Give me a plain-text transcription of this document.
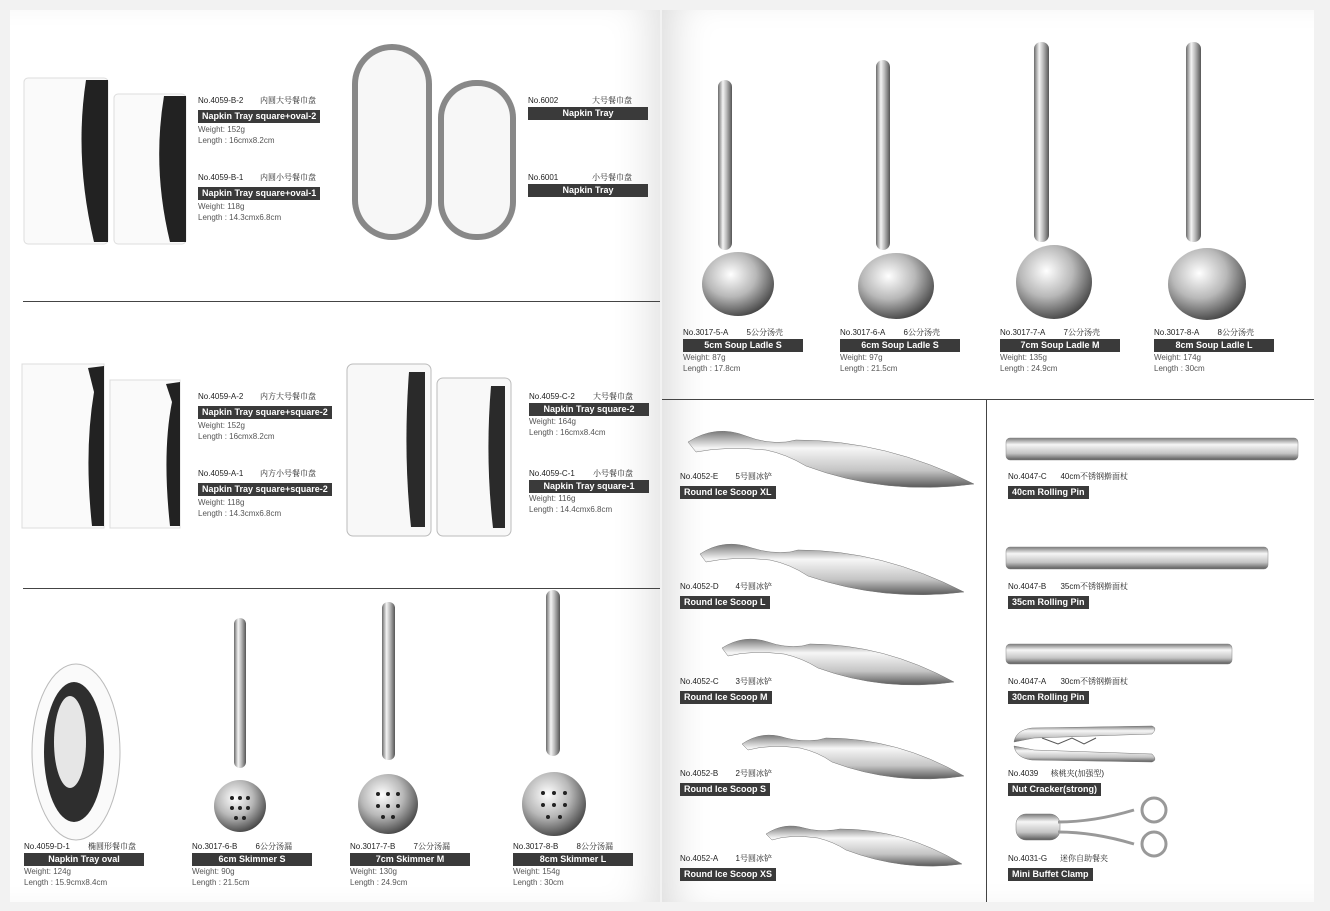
No.4059-B-2 内圆大号餐巾盘
Napkin Tray square+oval-2
Weight: 152g
Length : 16cmx8.2cm
No.4059-B-1 内圆小号餐巾盘
Napkin Tray square+oval-1
Weight: 118g
Length : 14.3cmx6.8cm
No.6002	大号餐巾盘
Napkin Tray
No.6001	小号餐巾盘
Napkin Tray
No.4059-A-2 内方大号餐巾盘
Napkin Tray square+square-2
Weight: 152g
Length : 16cmx8.2cm
No.4059-A-1 内方小号餐巾盘
Napkin Tray square+square-2
Weight: 118g
Length : 14.3cmx6.8cm
No.4059-C-2 大号餐巾盘
Napkin Tray square-2
Weight: 164g
Length : 16cmx8.4cm
No.4059-C-1 小号餐巾盘
Napkin Tray square-1
Weight: 116g
Length : 14.4cmx6.8cm
No.4059-D-1 椭圆形餐巾盘
Napkin Tray oval
Weight: 124g
Length : 15.9cmx8.4cm
No.3017-6-B 6公分汤漏
6cm Skimmer S
Weight: 90g
Length : 21.5cm
No.3017-7-B 7公分汤漏
7cm Skimmer M
Weight: 130g
Length : 24.9cm
No.3017-8-B 8公分汤漏
8cm Skimmer L
Weight: 154g
Length : 30cm
No.3017-5-A 5公分汤壳
5cm Soup Ladle S
Weight: 87g
Length : 17.8cm
No.3017-6-A 6公分汤壳
6cm Soup Ladle S
Weight: 97g
Length : 21.5cm
No.3017-7-A 7公分汤壳
7cm Soup Ladle M
Weight: 135g
Length : 24.9cm
No.3017-8-A 8公分汤壳
8cm Soup Ladle L
Weight: 174g
Length : 30cm
No.4052-E 5号圆冰铲
Round Ice Scoop XL
No.4052-D 4号圆冰铲
Round Ice Scoop L
No.4052-C 3号圆冰铲
Round Ice Scoop M
No.4052-B 2号圆冰铲
Round Ice Scoop S
No.4052-A 1号圆冰铲
Round Ice Scoop XS
No.4047-C 40cm不锈钢擀面杖
40cm Rolling Pin
No.4047-B 35cm不锈钢擀面杖
35cm Rolling Pin
No.4047-A 30cm不锈钢擀面杖
30cm Rolling Pin
No.4039 核桃夹(加强型)
Nut Cracker(strong)
No.4031-G 迷你自助餐夹
Mini Buffet Clamp
